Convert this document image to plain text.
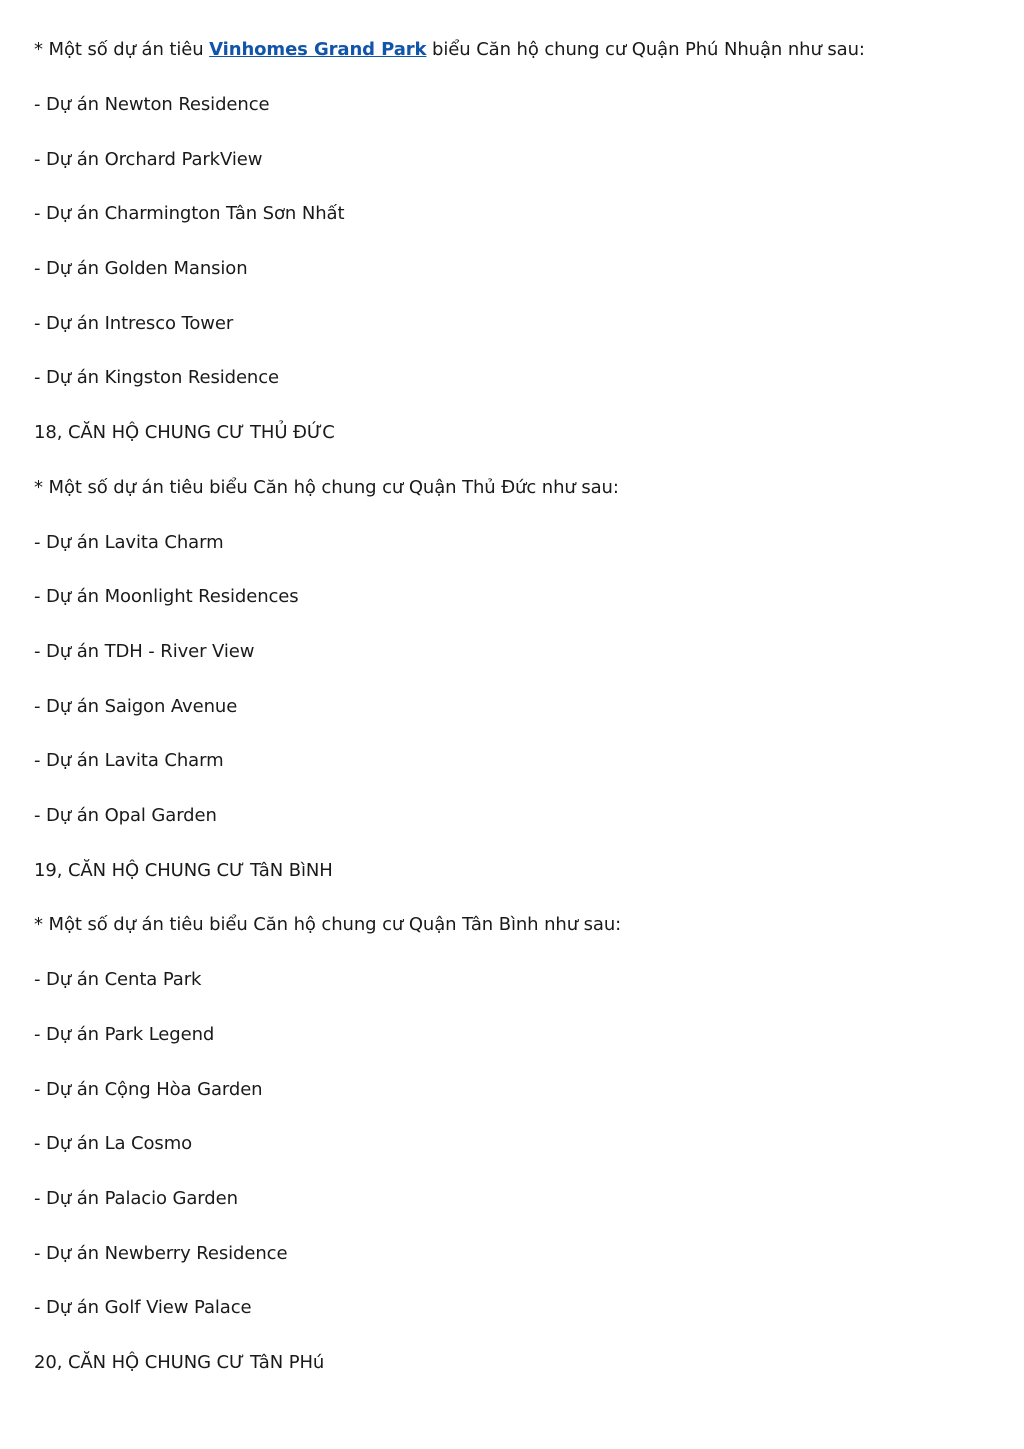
* Một số dự án tiêu Vinhomes Grand Park biểu Căn hộ chung cư Quận Phú Nhuận như sau:
- Dự án Newton Residence
- Dự án Orchard ParkView
- Dự án Charmington Tân Sơn Nhất
- Dự án Golden Mansion
- Dự án Intresco Tower
- Dự án Kingston Residence
18, CĂN HỘ CHUNG CƯ THỦ ĐỨC
* Một số dự án tiêu biểu Căn hộ chung cư Quận Thủ Đức như sau:
- Dự án Lavita Charm
- Dự án Moonlight Residences
- Dự án TDH - River View
- Dự án Saigon Avenue
- Dự án Lavita Charm
- Dự án Opal Garden
19, CĂN HỘ CHUNG CƯ TâN BìNH
* Một số dự án tiêu biểu Căn hộ chung cư Quận Tân Bình như sau:
- Dự án Centa Park
- Dự án Park Legend
- Dự án Cộng Hòa Garden
- Dự án La Cosmo
- Dự án Palacio Garden
- Dự án Newberry Residence
- Dự án Golf View Palace
20, CĂN HỘ CHUNG CƯ TâN PHú
